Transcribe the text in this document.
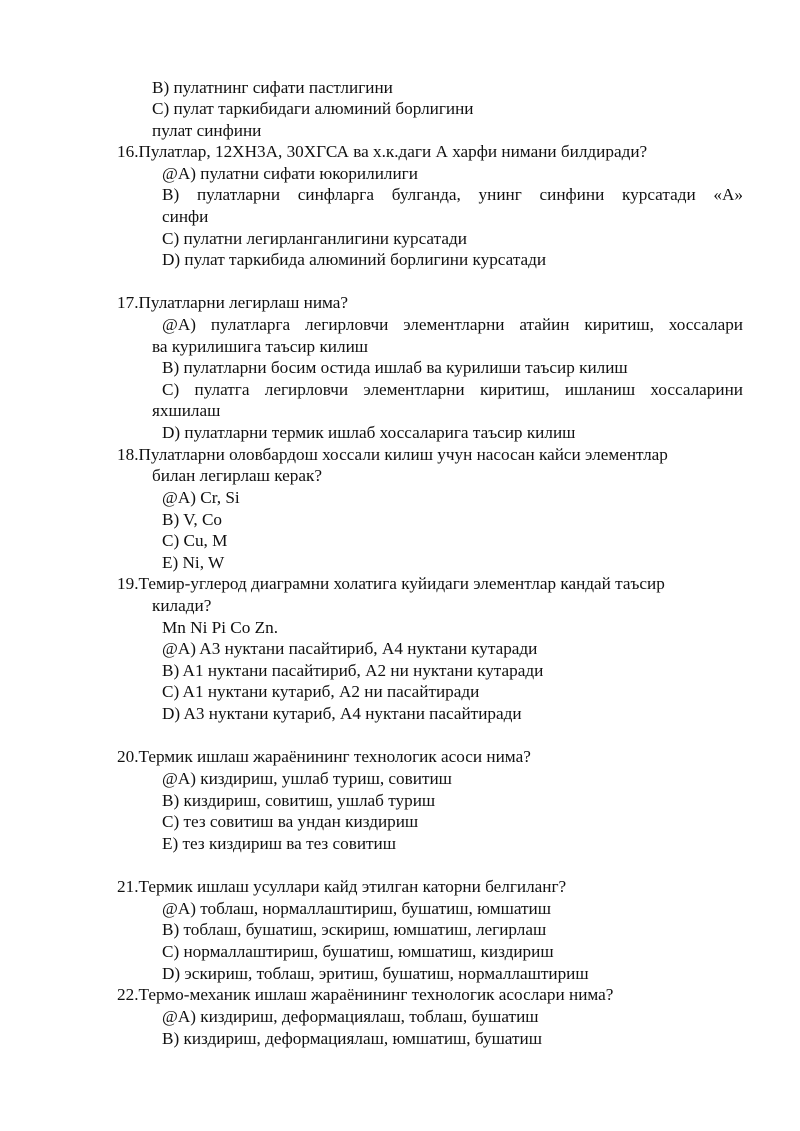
B) пулатнинг сифати пастлигини
C) пулат таркибидаги алюминий борлигини
пулат синфини
16.Пулатлар, 12ХН3А, 30ХГСА ва х.к.даги А харфи нимани билдиради?
@A) пулатни сифати юкорилилиги
B) пулатларни синфларга булганда, унинг синфини курсатади «А»
синфи
C) пулатни легирланганлигини курсатади
D) пулат таркибида алюминий борлигини курсатади
17.Пулатларни легирлаш нима?
@A) пулатларга легирловчи элементларни атайин киритиш, хоссалари
ва курилишига таъсир килиш
B) пулатларни босим остида ишлаб ва курилиши таъсир килиш
C) пулатга легирловчи элементларни киритиш, ишланиш хоссаларини
яхшилаш
D) пулатларни термик ишлаб хоссаларига таъсир килиш
18.Пулатларни оловбардош хоссали килиш учун насосан кайси элементлар
билан легирлаш керак?
@A) Cr, Si
B) V, Co
C) Cu, M
E) Ni, W
19.Темир-углерод диаграмни холатига куйидаги элементлар кандай таъсир
килади?
Mn Ni Pi Co Zn.
@A) A3 нуктани пасайтириб, A4 нуктани кутаради
B) A1 нуктани пасайтириб, A2 ни нуктани кутаради
C) A1 нуктани кутариб, A2 ни пасайтиради
D) A3 нуктани кутариб, A4 нуктани пасайтиради
20.Термик ишлаш жараёнининг технологик асоси нима?
@A) киздириш, ушлаб туриш, совитиш
B) киздириш, совитиш, ушлаб туриш
C) тез совитиш ва ундан киздириш
E) тез киздириш ва тез совитиш
21.Термик ишлаш усуллари кайд этилган каторни белгиланг?
@A) тоблаш, нормаллаштириш, бушатиш, юмшатиш
B) тоблаш, бушатиш, эскириш, юмшатиш, легирлаш
C) нормаллаштириш, бушатиш, юмшатиш, киздириш
D) эскириш, тоблаш, эритиш, бушатиш, нормаллаштириш
22.Термо-механик ишлаш жараёнининг технологик асослари нима?
@A) киздириш, деформациялаш, тоблаш, бушатиш
B) киздириш, деформациялаш, юмшатиш, бушатиш
